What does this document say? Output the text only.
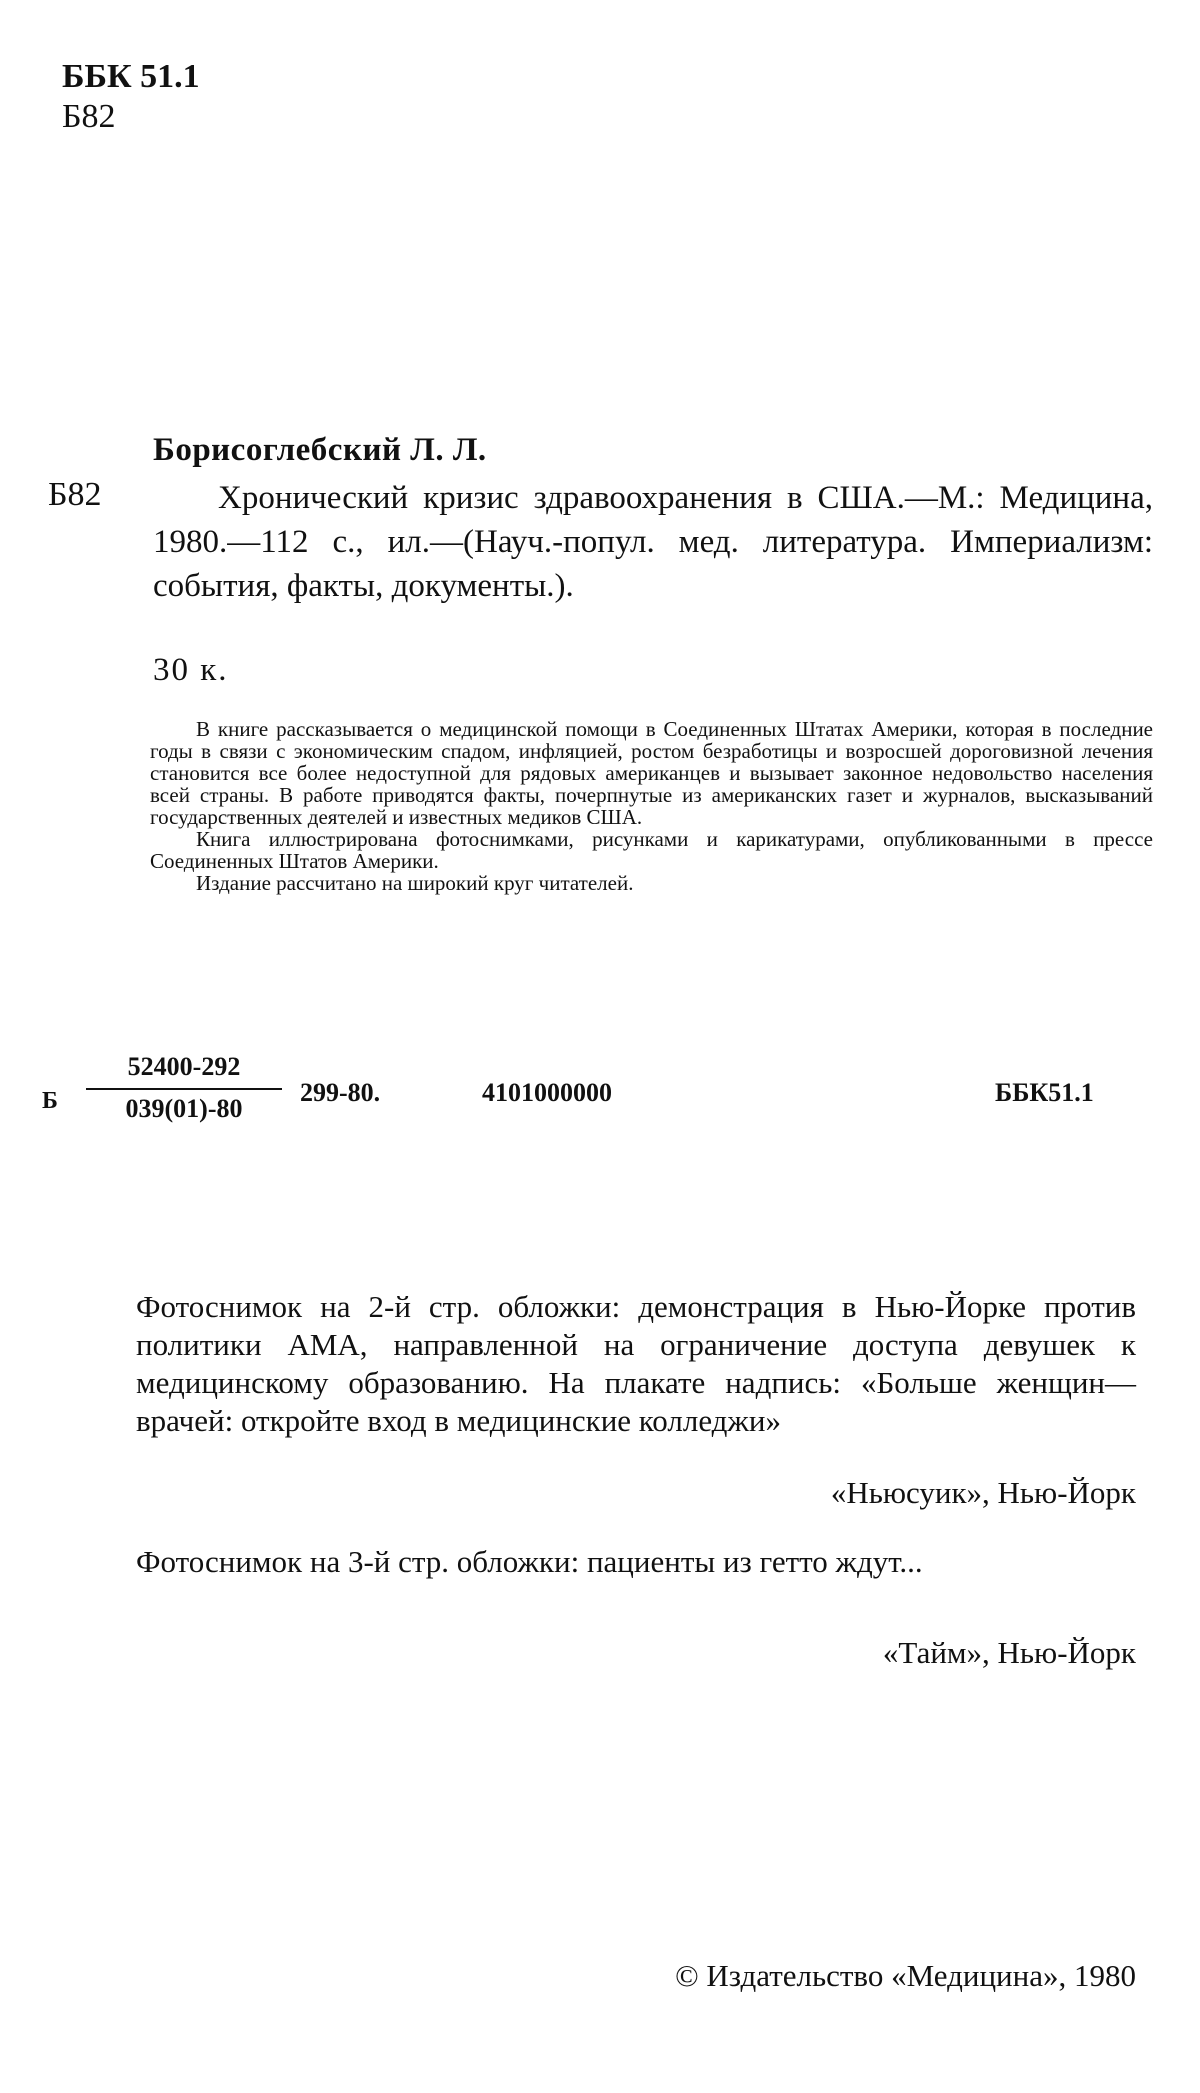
ББК 51.1
Б82
Борисоглебский Л. Л.
Б82	Хронический кризис здравоохранения в США.—М.: Медицина, 1980.—112 с., ил.—(Науч.-попул. мед. литература. Империализм: события, факты, документы.).
30 к.

В книге рассказывается о медицинской помощи в Соединенных Штатах Америки, которая в последние годы в связи с экономическим спадом, инфляцией, ростом безработицы и возросшей дороговизной лечения становится все более недоступной для рядовых американцев и вызывает законное недовольство населения всей страны. В работе приводятся факты, почерпнутые из американских газет и журналов, высказываний государственных деятелей и известных медиков США.

Книга иллюстрирована фотоснимками, рисунками и карикатурами, опубликованными в прессе Соединенных Штатов Америки.

Издание рассчитано на широкий круг читателей.

Б
52400-292
039(01)-80
299-80.	4101000000	ББК51.1

Фотоснимок на 2-й стр. обложки: демонстрация в Нью-Йорке против политики АМА, направленной на ограничение доступа девушек к медицинскому образованию. На плакате надпись: «Больше женщин—врачей: откройте вход в медицинские колледжи»

«Ньюсуик», Нью-Йорк

Фотоснимок на 3-й стр. обложки: пациенты из гетто ждут...

«Тайм», Нью-Йорк
© Издательство «Медицина», 1980
